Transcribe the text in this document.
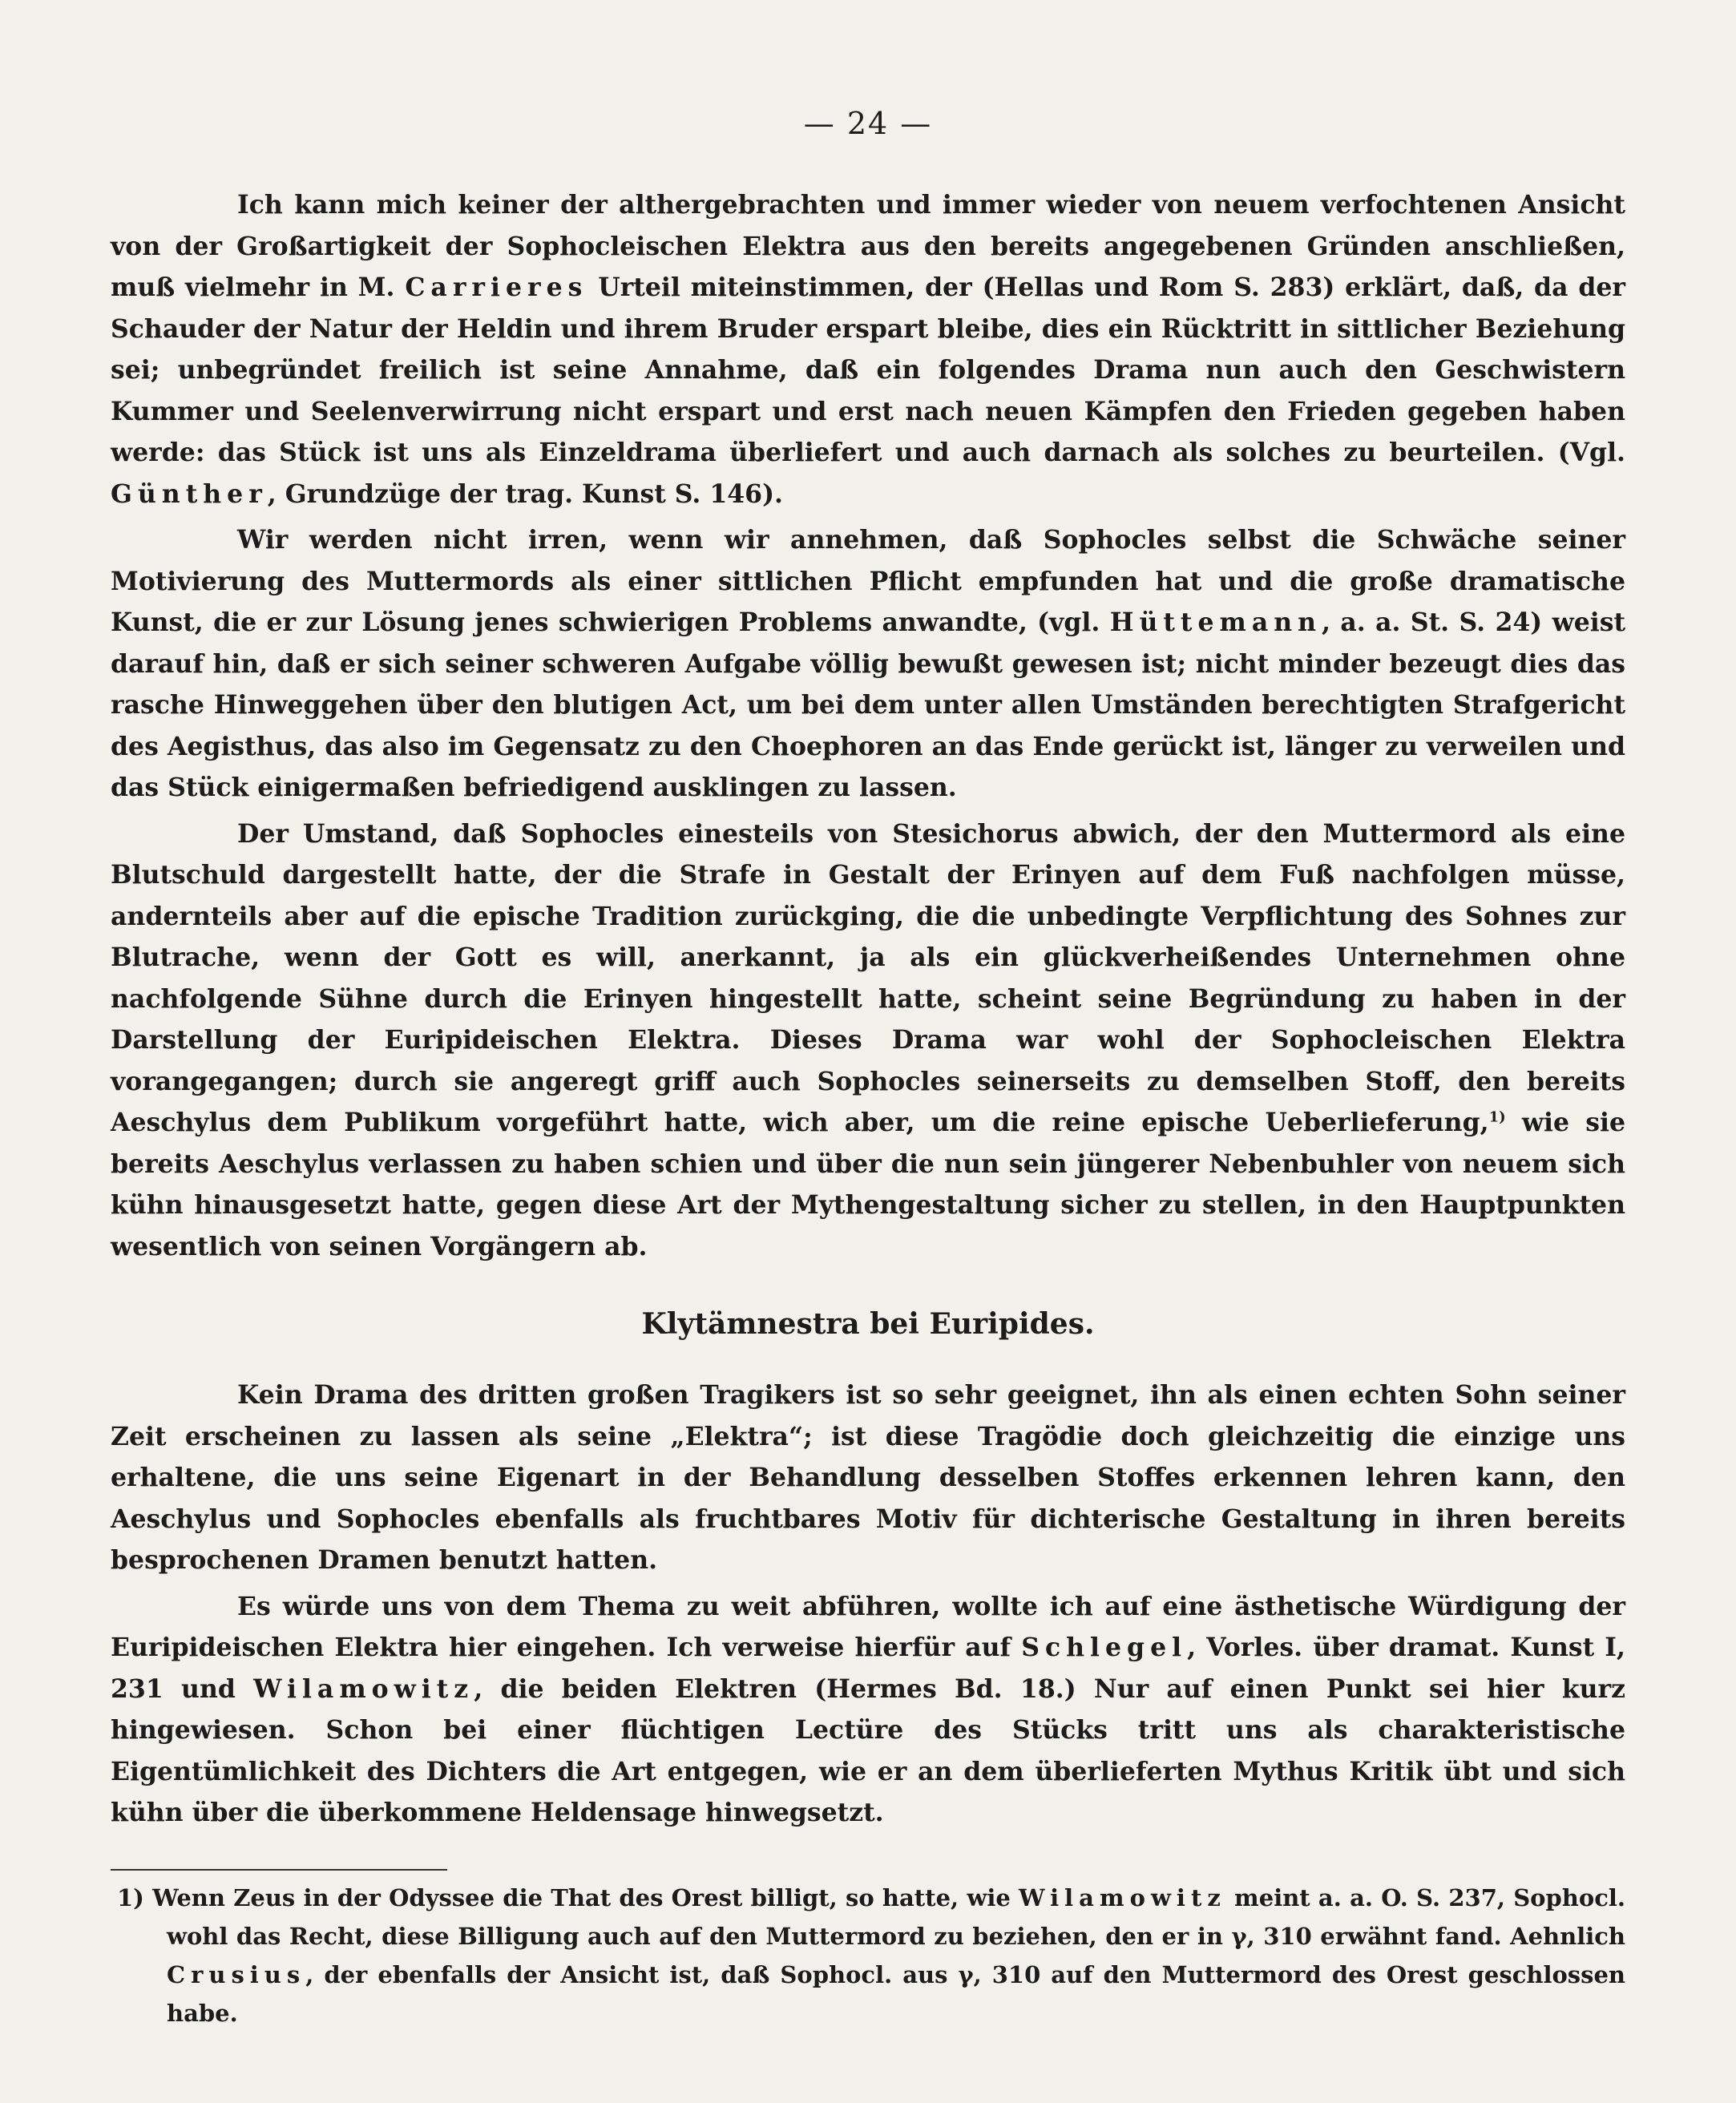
— 24 —

Ich kann mich keiner der althergebrachten und immer wieder von neuem verfochtenen Ansicht von der Großartigkeit der Sophocleischen Elektra aus den bereits angegebenen Gründen anschließen, muß vielmehr in M. Carrieres Urteil miteinstimmen, der (Hellas und Rom S. 283) erklärt, daß, da der Schauder der Natur der Heldin und ihrem Bruder erspart bleibe, dies ein Rücktritt in sittlicher Beziehung sei; unbegründet freilich ist seine Annahme, daß ein folgendes Drama nun auch den Geschwistern Kummer und Seelenverwirrung nicht erspart und erst nach neuen Kämpfen den Frieden gegeben haben werde: das Stück ist uns als Einzeldrama überliefert und auch darnach als solches zu beurteilen. (Vgl. Günther, Grundzüge der trag. Kunst S. 146).

Wir werden nicht irren, wenn wir annehmen, daß Sophocles selbst die Schwäche seiner Motivierung des Muttermords als einer sittlichen Pflicht empfunden hat und die große dramatische Kunst, die er zur Lösung jenes schwierigen Problems anwandte, (vgl. Hüttemann, a. a. St. S. 24) weist darauf hin, daß er sich seiner schweren Aufgabe völlig bewußt gewesen ist; nicht minder bezeugt dies das rasche Hinweggehen über den blutigen Act, um bei dem unter allen Umständen berechtigten Strafgericht des Aegisthus, das also im Gegensatz zu den Choephoren an das Ende gerückt ist, länger zu verweilen und das Stück einigermaßen befriedigend ausklingen zu lassen.

Der Umstand, daß Sophocles einesteils von Stesichorus abwich, der den Muttermord als eine Blutschuld dargestellt hatte, der die Strafe in Gestalt der Erinyen auf dem Fuß nachfolgen müsse, andernteils aber auf die epische Tradition zurückging, die die unbedingte Verpflichtung des Sohnes zur Blutrache, wenn der Gott es will, anerkannt, ja als ein glückverheißendes Unternehmen ohne nachfolgende Sühne durch die Erinyen hingestellt hatte, scheint seine Begründung zu haben in der Darstellung der Euripideischen Elektra. Dieses Drama war wohl der Sophocleischen Elektra vorangegangen; durch sie angeregt griff auch Sophocles seinerseits zu demselben Stoff, den bereits Aeschylus dem Publikum vorgeführt hatte, wich aber, um die reine epische Ueberlieferung,$^{1)}$ wie sie bereits Aeschylus verlassen zu haben schien und über die nun sein jüngerer Nebenbuhler von neuem sich kühn hinausgesetzt hatte, gegen diese Art der Mythengestaltung sicher zu stellen, in den Hauptpunkten wesentlich von seinen Vorgängern ab.

Klytämnestra bei Euripides.

Kein Drama des dritten großen Tragikers ist so sehr geeignet, ihn als einen echten Sohn seiner Zeit erscheinen zu lassen als seine „Elektra“; ist diese Tragödie doch gleichzeitig die einzige uns erhaltene, die uns seine Eigenart in der Behandlung desselben Stoffes erkennen lehren kann, den Aeschylus und Sophocles ebenfalls als fruchtbares Motiv für dichterische Gestaltung in ihren bereits besprochenen Dramen benutzt hatten.

Es würde uns von dem Thema zu weit abführen, wollte ich auf eine ästhetische Würdigung der Euripideischen Elektra hier eingehen. Ich verweise hierfür auf Schlegel, Vorles. über dramat. Kunst I, 231 und Wilamowitz, die beiden Elektren (Hermes Bd. 18.) Nur auf einen Punkt sei hier kurz hingewiesen. Schon bei einer flüchtigen Lectüre des Stücks tritt uns als charakteristische Eigentümlichkeit des Dichters die Art entgegen, wie er an dem überlieferten Mythus Kritik übt und sich kühn über die überkommene Heldensage hinwegsetzt.

1) Wenn Zeus in der Odyssee die That des Orest billigt, so hatte, wie Wilamowitz meint a. a. O. S. 237, Sophocl. wohl das Recht, diese Billigung auch auf den Muttermord zu beziehen, den er in γ, 310 erwähnt fand. Aehnlich Crusius, der ebenfalls der Ansicht ist, daß Sophocl. aus γ, 310 auf den Muttermord des Orest geschlossen habe.
